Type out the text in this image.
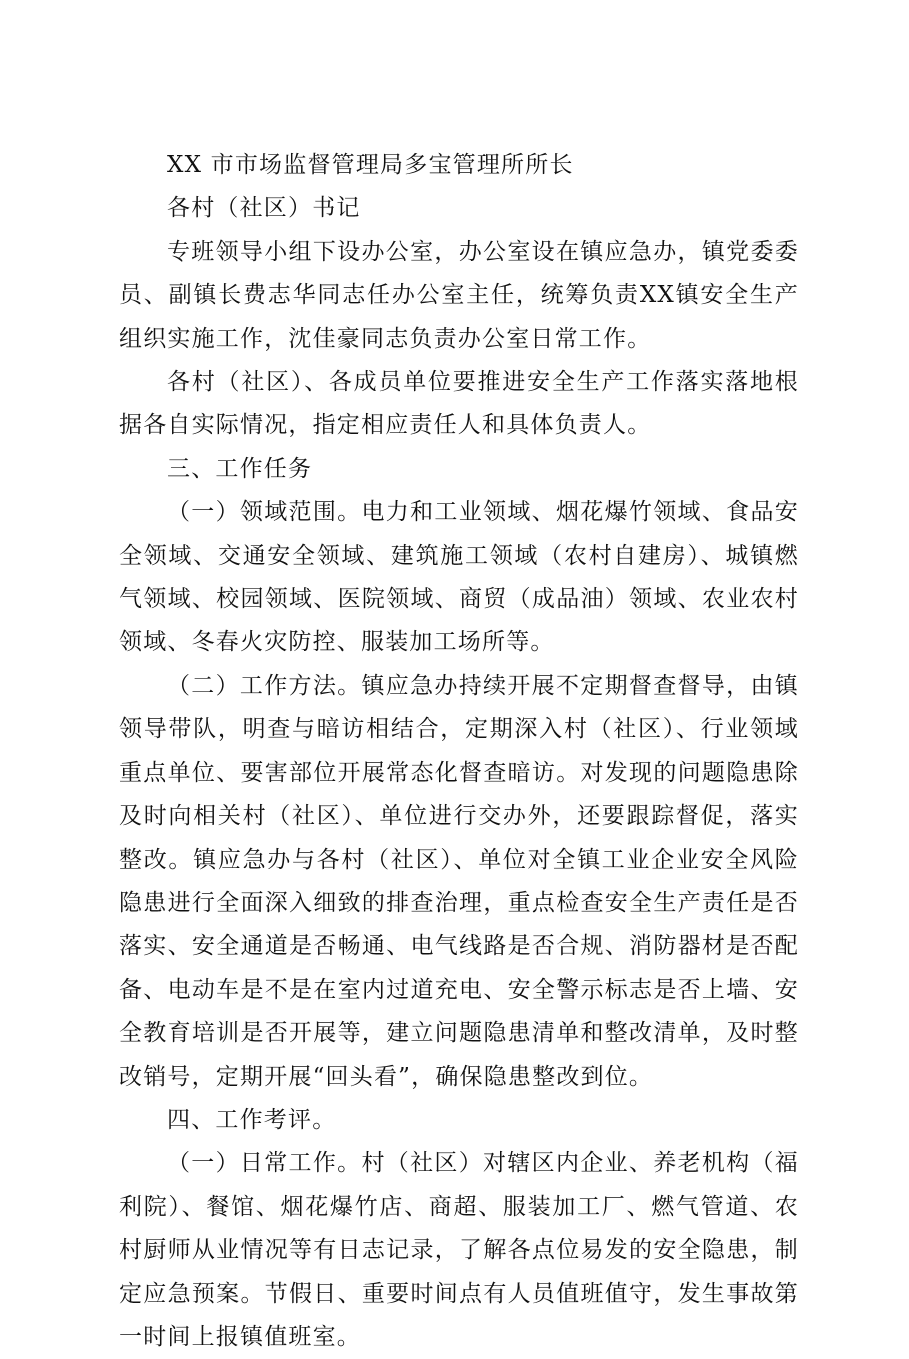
XX 市市场监督管理局多宝管理所所长

各村（社区）书记

专班领导小组下设办公室，办公室设在镇应急办，镇党委委员、副镇长费志华同志任办公室主任，统筹负责XX镇安全生产组织实施工作，沈佳豪同志负责办公室日常工作。

各村（社区）、各成员单位要推进安全生产工作落实落地根据各自实际情况，指定相应责任人和具体负责人。

三、工作任务

（一）领域范围。电力和工业领域、烟花爆竹领域、食品安全领域、交通安全领域、建筑施工领域（农村自建房）、城镇燃气领域、校园领域、医院领域、商贸（成品油）领域、农业农村领域、冬春火灾防控、服装加工场所等。

（二）工作方法。镇应急办持续开展不定期督查督导，由镇领导带队，明查与暗访相结合，定期深入村（社区）、行业领域重点单位、要害部位开展常态化督查暗访。对发现的问题隐患除及时向相关村（社区）、单位进行交办外，还要跟踪督促，落实整改。镇应急办与各村（社区）、单位对全镇工业企业安全风险隐患进行全面深入细致的排查治理，重点检查安全生产责任是否落实、安全通道是否畅通、电气线路是否合规、消防器材是否配备、电动车是不是在室内过道充电、安全警示标志是否上墙、安全教育培训是否开展等，建立问题隐患清单和整改清单，及时整改销号，定期开展“回头看”，确保隐患整改到位。

四、工作考评。

（一）日常工作。村（社区）对辖区内企业、养老机构（福利院）、餐馆、烟花爆竹店、商超、服装加工厂、燃气管道、农村厨师从业情况等有日志记录，了解各点位易发的安全隐患，制定应急预案。节假日、重要时间点有人员值班值守，发生事故第一时间上报镇值班室。
